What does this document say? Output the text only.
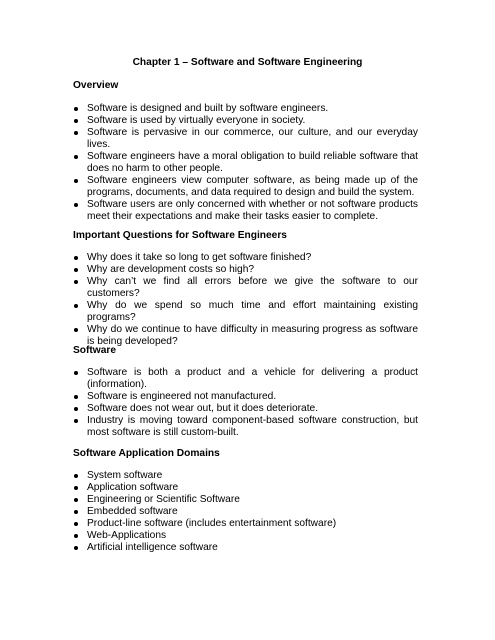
Chapter 1 – Software and Software Engineering
Overview
Software is designed and built by software engineers.
Software is used by virtually everyone in society.
Software is pervasive in our commerce, our culture, and our everyday lives.
Software engineers have a moral obligation to build reliable software that does no harm to other people.
Software engineers view computer software, as being made up of the programs, documents, and data required to design and build the system.
Software users are only concerned with whether or not software products meet their expectations and make their tasks easier to complete.
Important Questions for Software Engineers
Why does it take so long to get software finished?
Why are development costs so high?
Why can’t we find all errors before we give the software to our customers?
Why do we spend so much time and effort maintaining existing programs?
Why do we continue to have difficulty in measuring progress as software is being developed?
Software
Software is both a product and a vehicle for delivering a product (information).
Software is engineered not manufactured.
Software does not wear out, but it does deteriorate.
Industry is moving toward component-based software construction, but most software is still custom-built.
Software Application Domains
System software
Application software
Engineering or Scientific Software
Embedded software
Product-line software (includes entertainment software)
Web-Applications
Artificial intelligence software
